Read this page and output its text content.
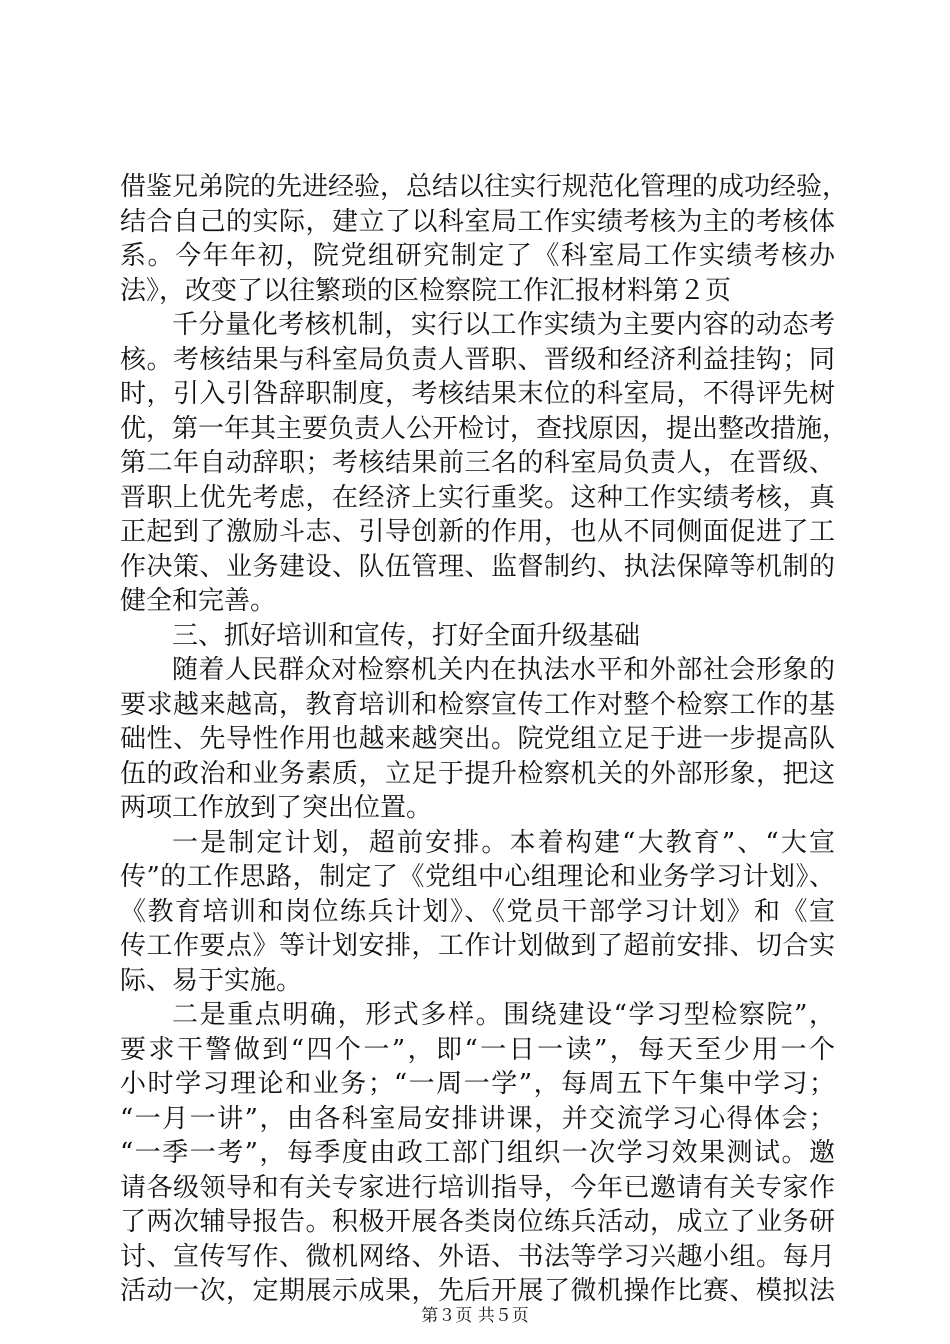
借鉴兄弟院的先进经验，总结以往实行规范化管理的成功经验，
结合自己的实际，建立了以科室局工作实绩考核为主的考核体
系。今年年初，院党组研究制定了《科室局工作实绩考核办
法》，改变了以往繁琐的区检察院工作汇报材料第２页
千分量化考核机制，实行以工作实绩为主要内容的动态考
核。考核结果与科室局负责人晋职、晋级和经济利益挂钩；同
时，引入引咎辞职制度，考核结果末位的科室局，不得评先树
优，第一年其主要负责人公开检讨，查找原因，提出整改措施，
第二年自动辞职；考核结果前三名的科室局负责人，在晋级、
晋职上优先考虑，在经济上实行重奖。这种工作实绩考核，真
正起到了激励斗志、引导创新的作用，也从不同侧面促进了工
作决策、业务建设、队伍管理、监督制约、执法保障等机制的
健全和完善。
三、抓好培训和宣传，打好全面升级基础
随着人民群众对检察机关内在执法水平和外部社会形象的
要求越来越高，教育培训和检察宣传工作对整个检察工作的基
础性、先导性作用也越来越突出。院党组立足于进一步提高队
伍的政治和业务素质，立足于提升检察机关的外部形象，把这
两项工作放到了突出位置。
一是制定计划，超前安排。本着构建“大教育”、“大宣
传”的工作思路，制定了《党组中心组理论和业务学习计划》、
《教育培训和岗位练兵计划》、《党员干部学习计划》和《宣
传工作要点》等计划安排，工作计划做到了超前安排、切合实
际、易于实施。
二是重点明确，形式多样。围绕建设“学习型检察院”，
要求干警做到“四个一”，即“一日一读”，每天至少用一个
小时学习理论和业务；“一周一学”，每周五下午集中学习；
“一月一讲”，由各科室局安排讲课，并交流学习心得体会；
“一季一考”，每季度由政工部门组织一次学习效果测试。邀
请各级领导和有关专家进行培训指导，今年已邀请有关专家作
了两次辅导报告。积极开展各类岗位练兵活动，成立了业务研
讨、宣传写作、微机网络、外语、书法等学习兴趣小组。每月
活动一次，定期展示成果，先后开展了微机操作比赛、模拟法
第３页 共５页
